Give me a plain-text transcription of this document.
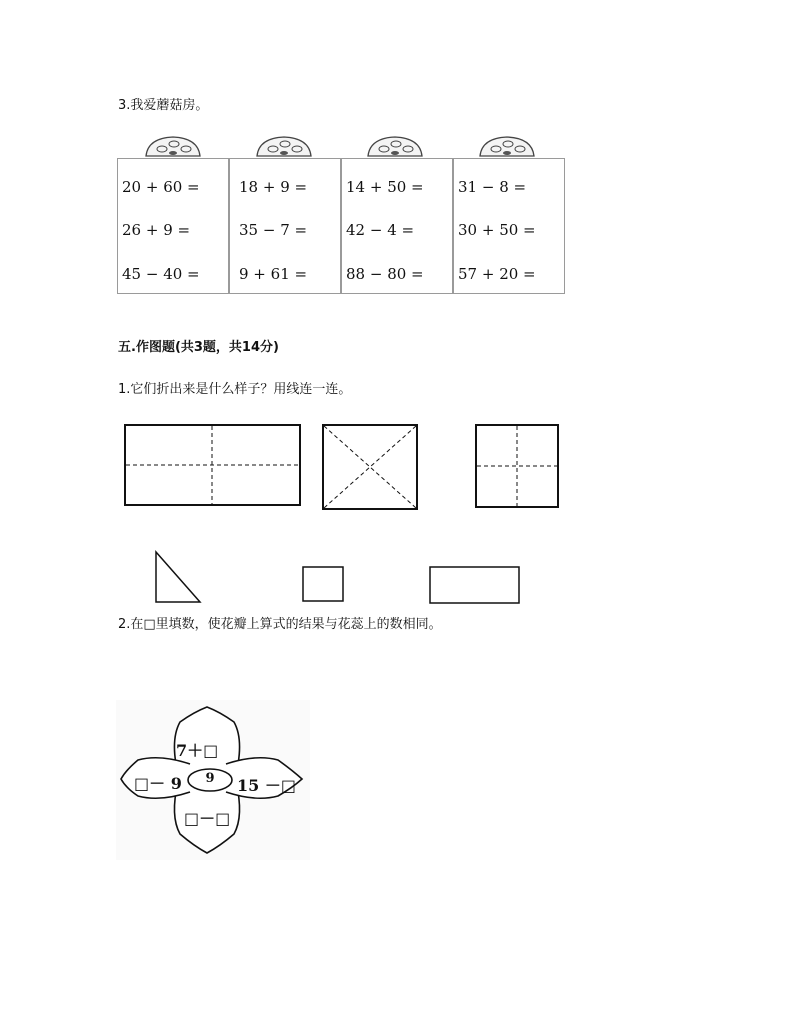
3.我爱蘑菇房。
20 + 60 =
26 + 9 =
45 − 40 =
18 + 9 =
35 − 7 =
9 + 61 =
14 + 50 =
42 − 4 =
88 − 80 =
31 − 8 =
30 + 50 =
57 + 20 =
五.作图题(共3题，共14分)
1.它们折出来是什么样子？用线连一连。
2.在□里填数，使花瓣上算式的结果与花蕊上的数相同。
9
7＋□
□－ 9	15 －□
□－□
